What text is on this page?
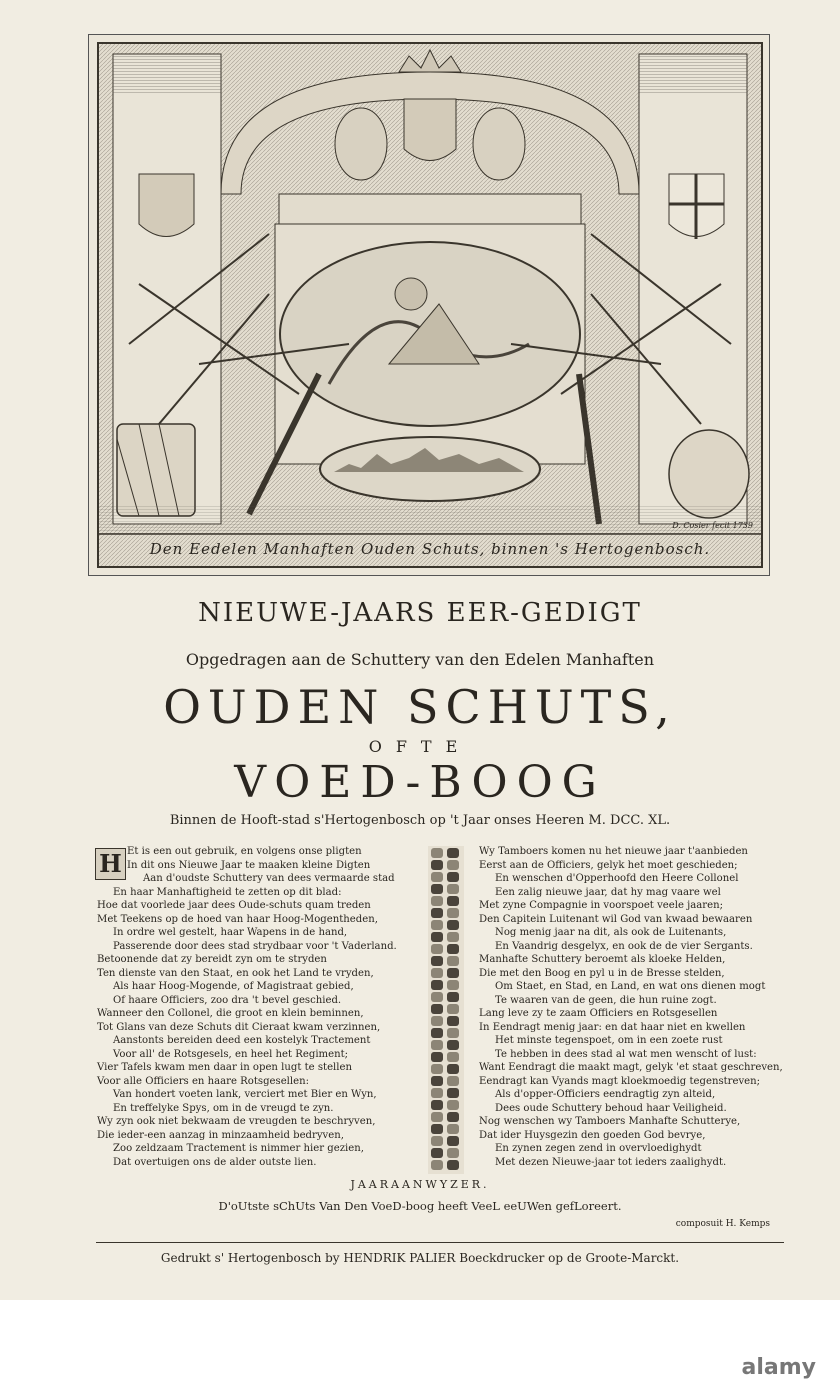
D. Cosier fecit 1739
Den Eedelen Manhaften Ouden Schuts, binnen 's Hertogenbosch.
NIEUWE-JAARS EER-GEDIGT
Opgedragen aan de Schuttery van den Edelen Manhaften
OUDEN SCHUTS,
OFTE
VOED-BOOG
Binnen de Hooft-stad s'Hertogenbosch op 't Jaar onses Heeren M. DCC. XL.
H Et is een out gebruik, en volgens onse pligten
In dit ons Nieuwe Jaar te maaken kleine Digten
Aan d'oudste Schuttery van dees vermaarde stad
En haar Manhaftigheid te zetten op dit blad:
Hoe dat voorlede jaar dees Oude-schuts quam treden
Met Teekens op de hoed van haar Hoog-Mogentheden,
In ordre wel gestelt, haar Wapens in de hand,
Passerende door dees stad strydbaar voor 't Vaderland.
Betoonende dat zy bereidt zyn om te stryden
Ten dienste van den Staat, en ook het Land te vryden,
Als haar Hoog-Mogende, of Magistraat gebied,
Of haare Officiers, zoo dra 't bevel geschied.
Wanneer den Collonel, die groot en klein beminnen,
Tot Glans van deze Schuts dit Cieraat kwam verzinnen,
Aanstonts bereiden deed een kostelyk Tractement
Voor all' de Rotsgesels, en heel het Regiment;
Vier Tafels kwam men daar in open lugt te stellen
Voor alle Officiers en haare Rotsgesellen:
Van hondert voeten lank, verciert met Bier en Wyn,
En treffelyke Spys, om in de vreugd te zyn.
Wy zyn ook niet bekwaam de vreugden te beschryven,
Die ieder-een aanzag in minzaamheid bedryven,
Zoo zeldzaam Tractement is nimmer hier gezien,
Dat overtuigen ons de alder outste lien.
Wy Tamboers komen nu het nieuwe jaar t'aanbieden
Eerst aan de Officiers, gelyk het moet geschieden;
En wenschen d'Opperhoofd den Heere Collonel
Een zalig nieuwe jaar, dat hy mag vaare wel
Met zyne Compagnie in voorspoet veele jaaren;
Den Capitein Luitenant wil God van kwaad bewaaren
Nog menig jaar na dit, als ook de Luitenants,
En Vaandrig desgelyx, en ook de de vier Sergants.
Manhafte Schuttery beroemt als kloeke Helden,
Die met den Boog en pyl u in de Bresse stelden,
Om Staet, en Stad, en Land, en wat ons dienen mogt
Te waaren van de geen, die hun ruine zogt.
Lang leve zy te zaam Officiers en Rotsgesellen
In Eendragt menig jaar: en dat haar niet en kwellen
Het minste tegenspoet, om in een zoete rust
Te hebben in dees stad al wat men wenscht of lust:
Want Eendragt die maakt magt, gelyk 'et staat geschreven,
Eendragt kan Vyands magt kloekmoedig tegenstreven;
Als d'opper-Officiers eendragtig zyn alteid,
Dees oude Schuttery behoud haar Veiligheid.
Nog wenschen wy Tamboers Manhafte Schutterye,
Dat ider Huysgezin den goeden God bevrye,
En zynen zegen zend in overvloedighydt
Met dezen Nieuwe-jaar tot ieders zaalighydt.
JAARAANWYZER.
D'oUtste sChUts Van Den VoeD-boog heeft VeeL eeUWen gefLoreert.
composuit H. Kemps
Gedrukt s' Hertogenbosch by HENDRIK PALIER Boeckdrucker op de Groote-Marckt.
alamy
